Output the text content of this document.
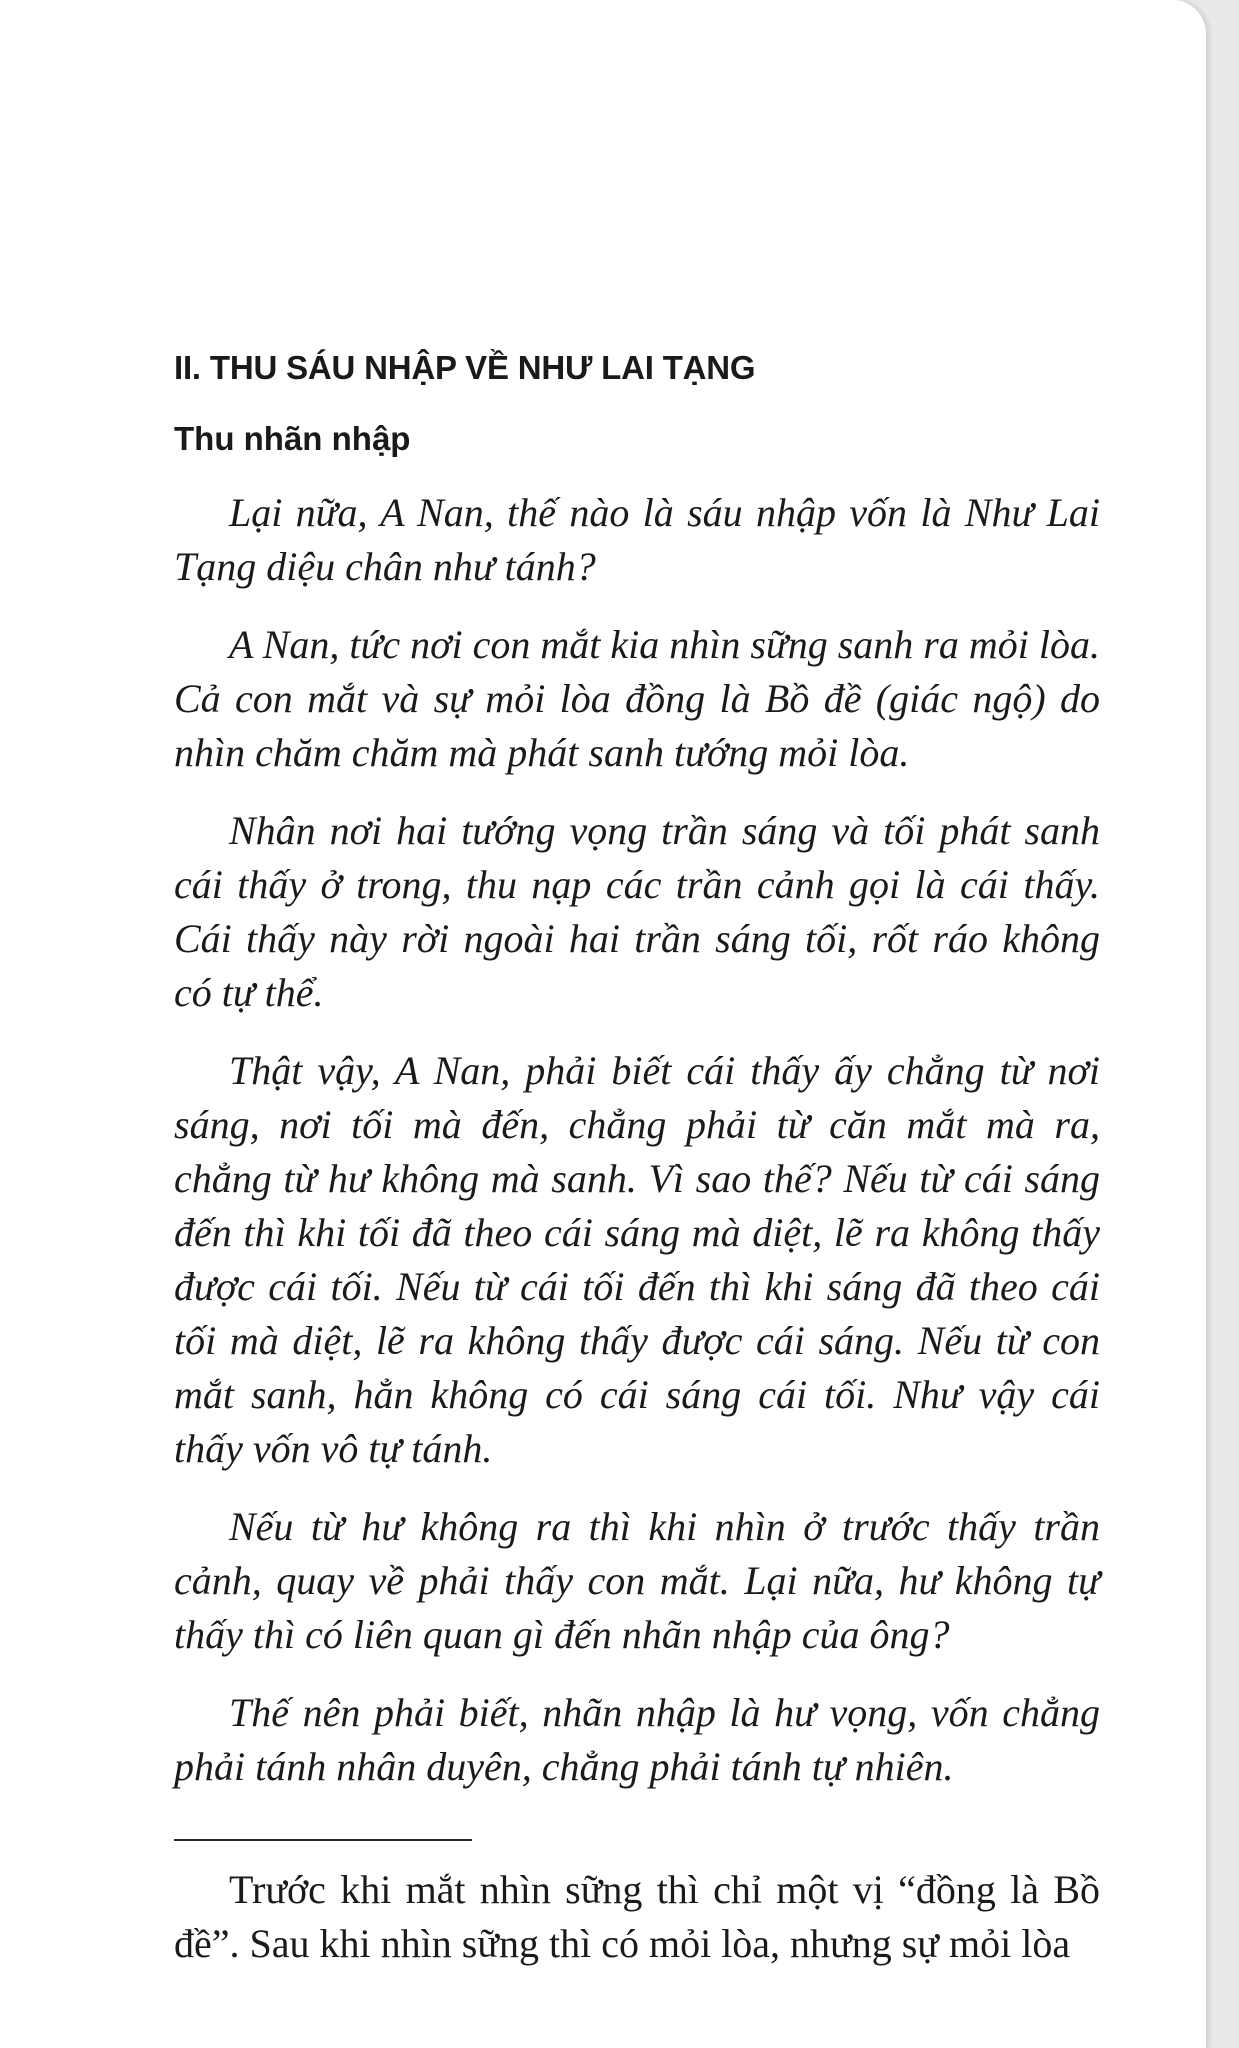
II. THU SÁU NHẬP VỀ NHƯ LAI TẠNG
Thu nhãn nhập

Lại nữa, A Nan, thế nào là sáu nhập vốn là Như Lai Tạng diệu chân như tánh?

A Nan, tức nơi con mắt kia nhìn sững sanh ra mỏi lòa. Cả con mắt và sự mỏi lòa đồng là Bồ đề (giác ngộ) do nhìn chăm chăm mà phát sanh tướng mỏi lòa.

Nhân nơi hai tướng vọng trần sáng và tối phát sanh cái thấy ở trong, thu nạp các trần cảnh gọi là cái thấy. Cái thấy này rời ngoài hai trần sáng tối, rốt ráo không có tự thể.

Thật vậy, A Nan, phải biết cái thấy ấy chẳng từ nơi sáng, nơi tối mà đến, chẳng phải từ căn mắt mà ra, chẳng từ hư không mà sanh. Vì sao thế? Nếu từ cái sáng đến thì khi tối đã theo cái sáng mà diệt, lẽ ra không thấy được cái tối. Nếu từ cái tối đến thì khi sáng đã theo cái tối mà diệt, lẽ ra không thấy được cái sáng. Nếu từ con mắt sanh, hẳn không có cái sáng cái tối. Như vậy cái thấy vốn vô tự tánh.

Nếu từ hư không ra thì khi nhìn ở trước thấy trần cảnh, quay về phải thấy con mắt. Lại nữa, hư không tự thấy thì có liên quan gì đến nhãn nhập của ông?

Thế nên phải biết, nhãn nhập là hư vọng, vốn chẳng phải tánh nhân duyên, chẳng phải tánh tự nhiên.

Trước khi mắt nhìn sững thì chỉ một vị “đồng là Bồ đề”. Sau khi nhìn sững thì có mỏi lòa, nhưng sự mỏi lòa
